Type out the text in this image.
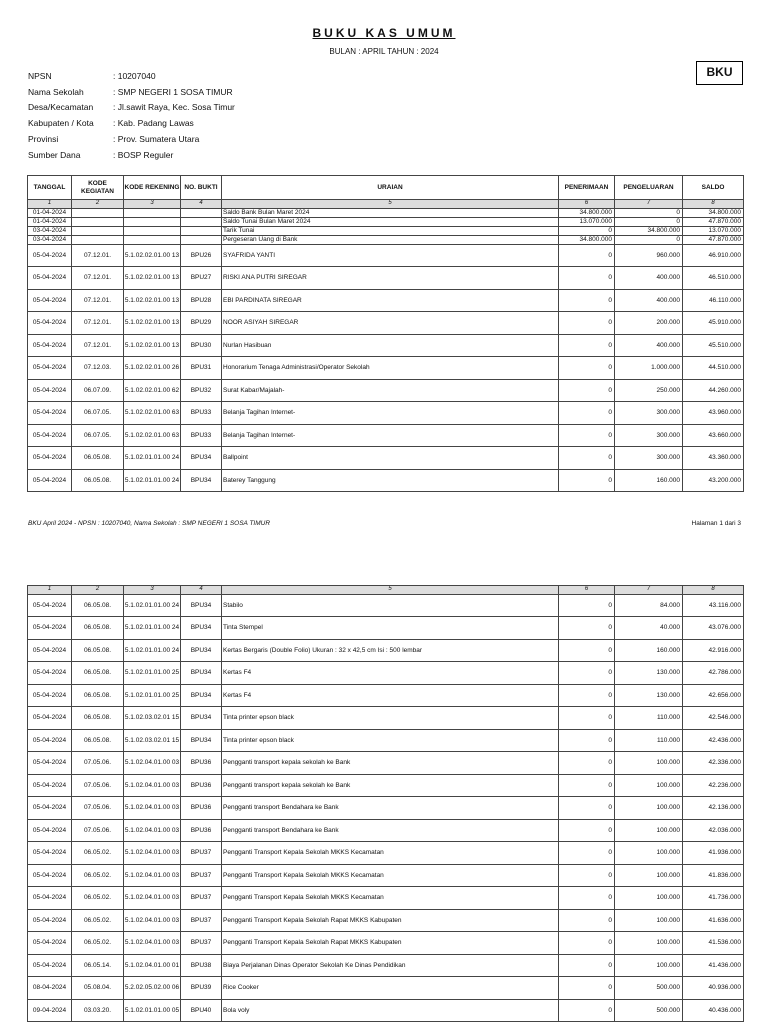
BUKU KAS UMUM
BULAN : APRIL TAHUN : 2024
BKU
NPSN	: 10207040
Nama Sekolah	: SMP NEGERI 1 SOSA TIMUR
Desa/Kecamatan	: Jl.sawit Raya, Kec. Sosa Timur
Kabupaten / Kota	: Kab. Padang Lawas
Provinsi	: Prov. Sumatera Utara
Sumber Dana	: BOSP Reguler
TANGGAL	KODE KEGIATAN	KODE REKENING	NO. BUKTI	URAIAN	PENERIMAAN	PENGELUARAN	SALDO
1	2	3	4	5	6	7	8
01-04-2024				Saldo Bank Bulan Maret 2024	34.800.000	0	34.800.000
01-04-2024				Saldo Tunai Bulan Maret 2024	13.070.000	0	47.870.000
03-04-2024				Tarik Tunai	0	34.800.000	13.070.000
03-04-2024				Pergeseran Uang di Bank	34.800.000	0	47.870.000
05-04-2024	07.12.01.	5.1.02.02.01.00 13	BPU26	SYAFRIDA YANTI	0	960.000	46.910.000
05-04-2024	07.12.01.	5.1.02.02.01.00 13	BPU27	RISKI ANA PUTRI SIREGAR	0	400.000	46.510.000
05-04-2024	07.12.01.	5.1.02.02.01.00 13	BPU28	EBI PARDINATA SIREGAR	0	400.000	46.110.000
05-04-2024	07.12.01.	5.1.02.02.01.00 13	BPU29	NOOR ASIYAH SIREGAR	0	200.000	45.910.000
05-04-2024	07.12.01.	5.1.02.02.01.00 13	BPU30	Nurlan Hasibuan	0	400.000	45.510.000
05-04-2024	07.12.03.	5.1.02.02.01.00 26	BPU31	Honorarium Tenaga Administrasi/Operator Sekolah	0	1.000.000	44.510.000
05-04-2024	06.07.09.	5.1.02.02.01.00 62	BPU32	Surat Kabar/Majalah-	0	250.000	44.260.000
05-04-2024	06.07.05.	5.1.02.02.01.00 63	BPU33	Belanja Tagihan Internet-	0	300.000	43.960.000
05-04-2024	06.07.05.	5.1.02.02.01.00 63	BPU33	Belanja Tagihan Internet-	0	300.000	43.660.000
05-04-2024	06.05.08.	5.1.02.01.01.00 24	BPU34	Ballpoint	0	300.000	43.360.000
05-04-2024	06.05.08.	5.1.02.01.01.00 24	BPU34	Baterey Tanggung	0	160.000	43.200.000
BKU April 2024 - NPSN : 10207040, Nama Sekolah : SMP NEGERI 1 SOSA TIMUR	Halaman 1 dari 3
1	2	3	4	5	6	7	8
05-04-2024	06.05.08.	5.1.02.01.01.00 24	BPU34	Stabilo	0	84.000	43.116.000
05-04-2024	06.05.08.	5.1.02.01.01.00 24	BPU34	Tinta Stempel	0	40.000	43.076.000
05-04-2024	06.05.08.	5.1.02.01.01.00 24	BPU34	Kertas Bergaris (Double Folio) Ukuran : 32 x 42,5 cm Isi : 500 lembar	0	160.000	42.916.000
05-04-2024	06.05.08.	5.1.02.01.01.00 25	BPU34	Kertas F4	0	130.000	42.786.000
05-04-2024	06.05.08.	5.1.02.01.01.00 25	BPU34	Kertas F4	0	130.000	42.656.000
05-04-2024	06.05.08.	5.1.02.03.02.01 15	BPU34	Tinta printer epson black	0	110.000	42.546.000
05-04-2024	06.05.08.	5.1.02.03.02.01 15	BPU34	Tinta printer epson black	0	110.000	42.436.000
05-04-2024	07.05.06.	5.1.02.04.01.00 03	BPU36	Pengganti transport kepala sekolah ke Bank	0	100.000	42.336.000
05-04-2024	07.05.06.	5.1.02.04.01.00 03	BPU36	Pengganti transport kepala sekolah ke Bank	0	100.000	42.236.000
05-04-2024	07.05.06.	5.1.02.04.01.00 03	BPU36	Pengganti transport Bendahara ke Bank	0	100.000	42.136.000
05-04-2024	07.05.06.	5.1.02.04.01.00 03	BPU36	Pengganti transport Bendahara ke Bank	0	100.000	42.036.000
05-04-2024	06.05.02.	5.1.02.04.01.00 03	BPU37	Pengganti Transport Kepala Sekolah MKKS Kecamatan	0	100.000	41.936.000
05-04-2024	06.05.02.	5.1.02.04.01.00 03	BPU37	Pengganti Transport Kepala Sekolah MKKS Kecamatan	0	100.000	41.836.000
05-04-2024	06.05.02.	5.1.02.04.01.00 03	BPU37	Pengganti Transport Kepala Sekolah MKKS Kecamatan	0	100.000	41.736.000
05-04-2024	06.05.02.	5.1.02.04.01.00 03	BPU37	Pengganti Transport Kepala Sekolah Rapat MKKS Kabupaten	0	100.000	41.636.000
05-04-2024	06.05.02.	5.1.02.04.01.00 03	BPU37	Pengganti Transport Kepala Sekolah Rapat MKKS Kabupaten	0	100.000	41.536.000
05-04-2024	06.05.14.	5.1.02.04.01.00 01	BPU38	Biaya Perjalanan Dinas Operator Sekolah Ke Dinas Pendidikan	0	100.000	41.436.000
08-04-2024	05.08.04.	5.2.02.05.02.00 06	BPU39	Rice Cooker	0	500.000	40.936.000
09-04-2024	03.03.20.	5.1.02.01.01.00 05	BPU40	Bola voly	0	500.000	40.436.000
